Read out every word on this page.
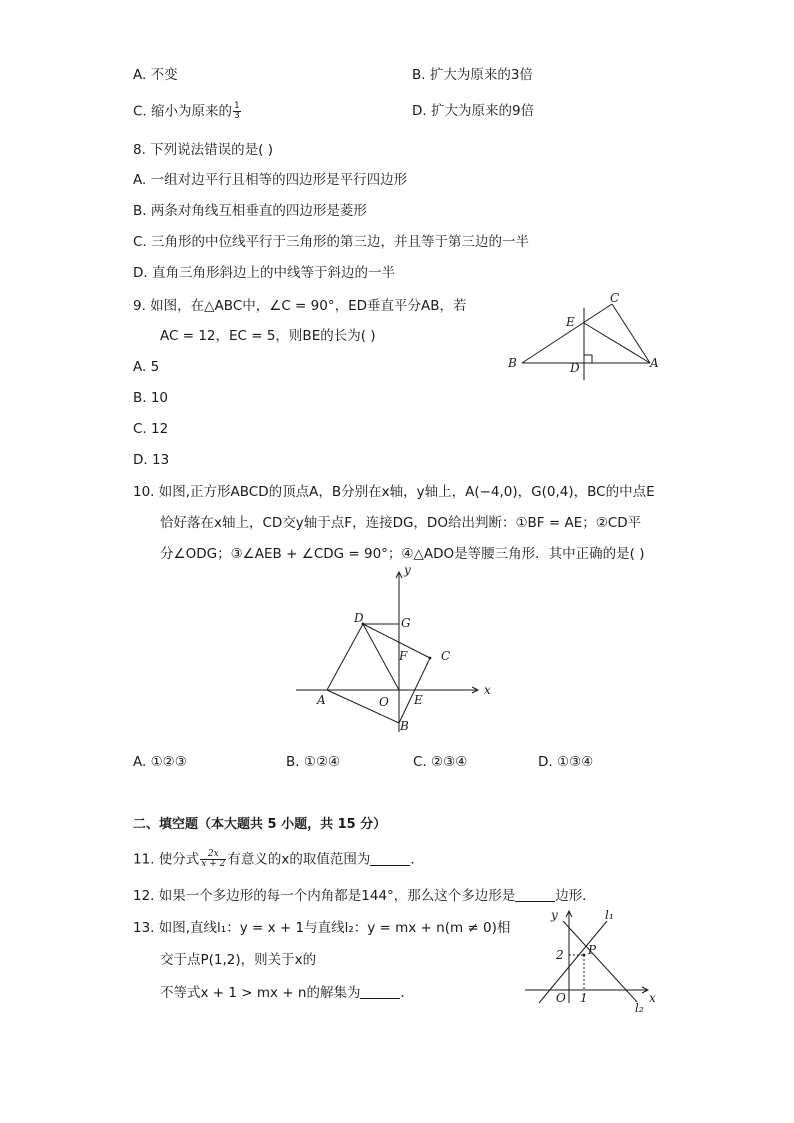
A. 不变	B. 扩大为原来的3倍
C. 缩小为原来的 $\frac{1}{3}$	D. 扩大为原来的9倍
8. 下列说法错误的是( )
A. 一组对边平行且相等的四边形是平行四边形
B. 两条对角线互相垂直的四边形是菱形
C. 三角形的中位线平行于三角形的第三边，并且等于第三边的一半
D. 直角三角形斜边上的中线等于斜边的一半
9. 如图，在△ABC中，∠C = 90°，ED垂直平分AB，若
AC = 12，EC = 5，则BE的长为( )
A. 5
B. 10
C. 12
D. 13
C
E
B	D	A
10. 如图,正方形ABCD的顶点A，B分别在x轴，y轴上，A(−4,0)，G(0,4)，BC的中点E
恰好落在x轴上，CD交y轴于点F，连接DG，DO给出判断：①BF = AE；②CD平
分∠ODG；③∠AEB + ∠CDG = 90°；④△ADO是等腰三角形．其中正确的是( )
y
x
D	G
F	C
A	O E
B
A. ①②③	B. ①②④	C. ②③④	D. ①③④
二、填空题（本大题共 5 小题，共 15 分）
11. 使分式 $\frac{2x}{x + 2}$ 有意义的x的取值范围为	．
12. 如果一个多边形的每一个内角都是144°，那么这个多边形是	边形．
13. 如图,直线l₁：y = x + 1与直线l₂：y = mx + n(m ≠ 0)相
交于点P(1,2)，则关于x的
不等式x + 1 > mx + n的解集为	．
y
x
l₁
l₂
P
O
2
1
